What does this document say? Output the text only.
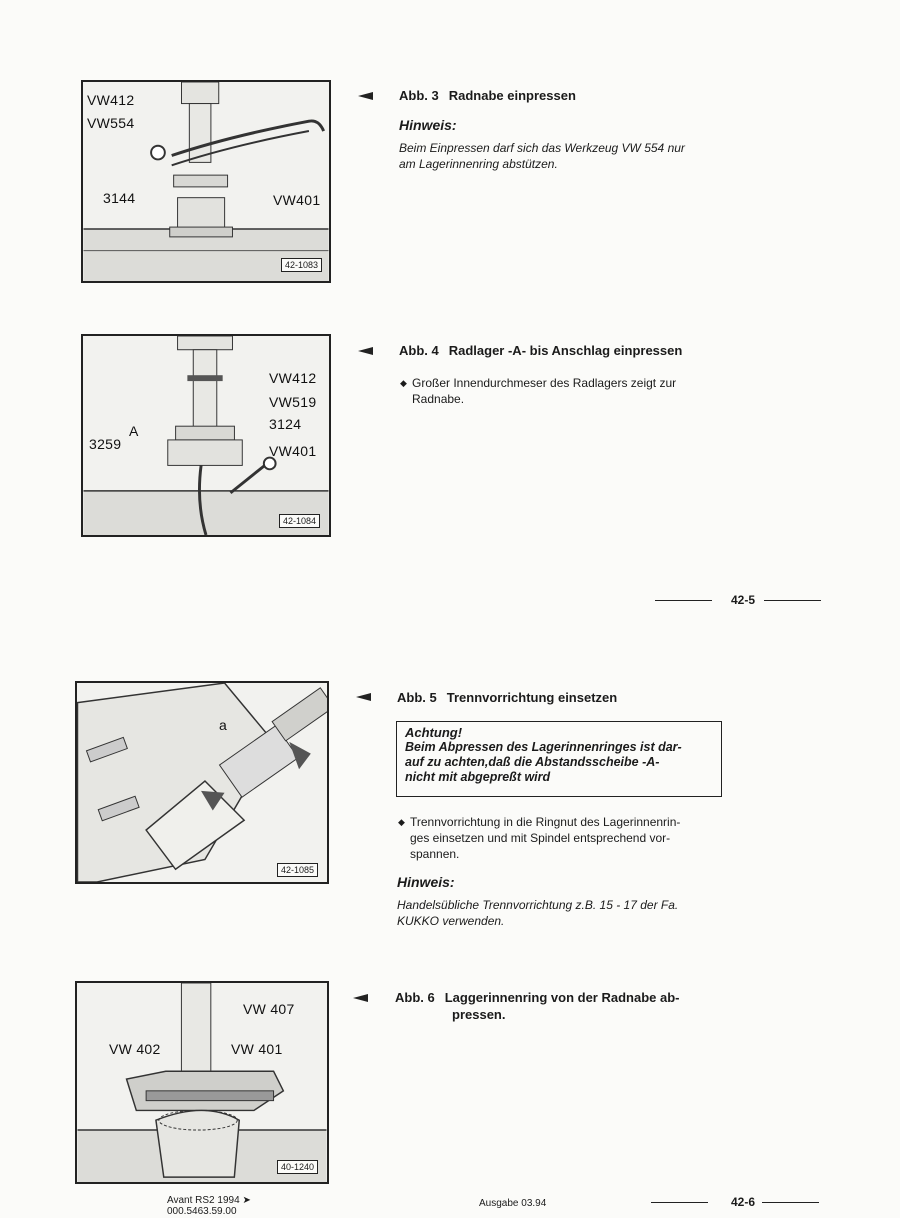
VW412
VW554
3144	VW401
42-1083
Abb. 3 Radnabe einpressen
Hinweis:
Beim Einpressen darf sich das Werkzeug VW 554 nur
am Lagerinnenring abstützen.
VW412
VW519
A	3124
3259	VW401
42-1084
Abb. 4 Radlager -A- bis Anschlag einpressen
◆ Großer Innendurchmeser des Radlagers zeigt zur
Radnabe.
42-5
a
42-1085
Abb. 5 Trennvorrichtung einsetzen
Achtung!
Beim Abpressen des Lagerinnenringes ist dar-
auf zu achten,daß die Abstandsscheibe -A-
nicht mit abgepreßt wird
◆ Trennvorrichtung in die Ringnut des Lagerinnenrin-
ges einsetzen und mit Spindel entsprechend vor-
spannen.
Hinweis:
Handelsübliche Trennvorrichtung z.B. 15 - 17 der Fa.
KUKKO verwenden.
VW 407
VW 402	VW 401
40-1240
Abb. 6 Laggerinnenring von der Radnabe ab-
pressen.
Avant RS2 1994 ➤
000.5463.59.00
Ausgabe 03.94	42-6
